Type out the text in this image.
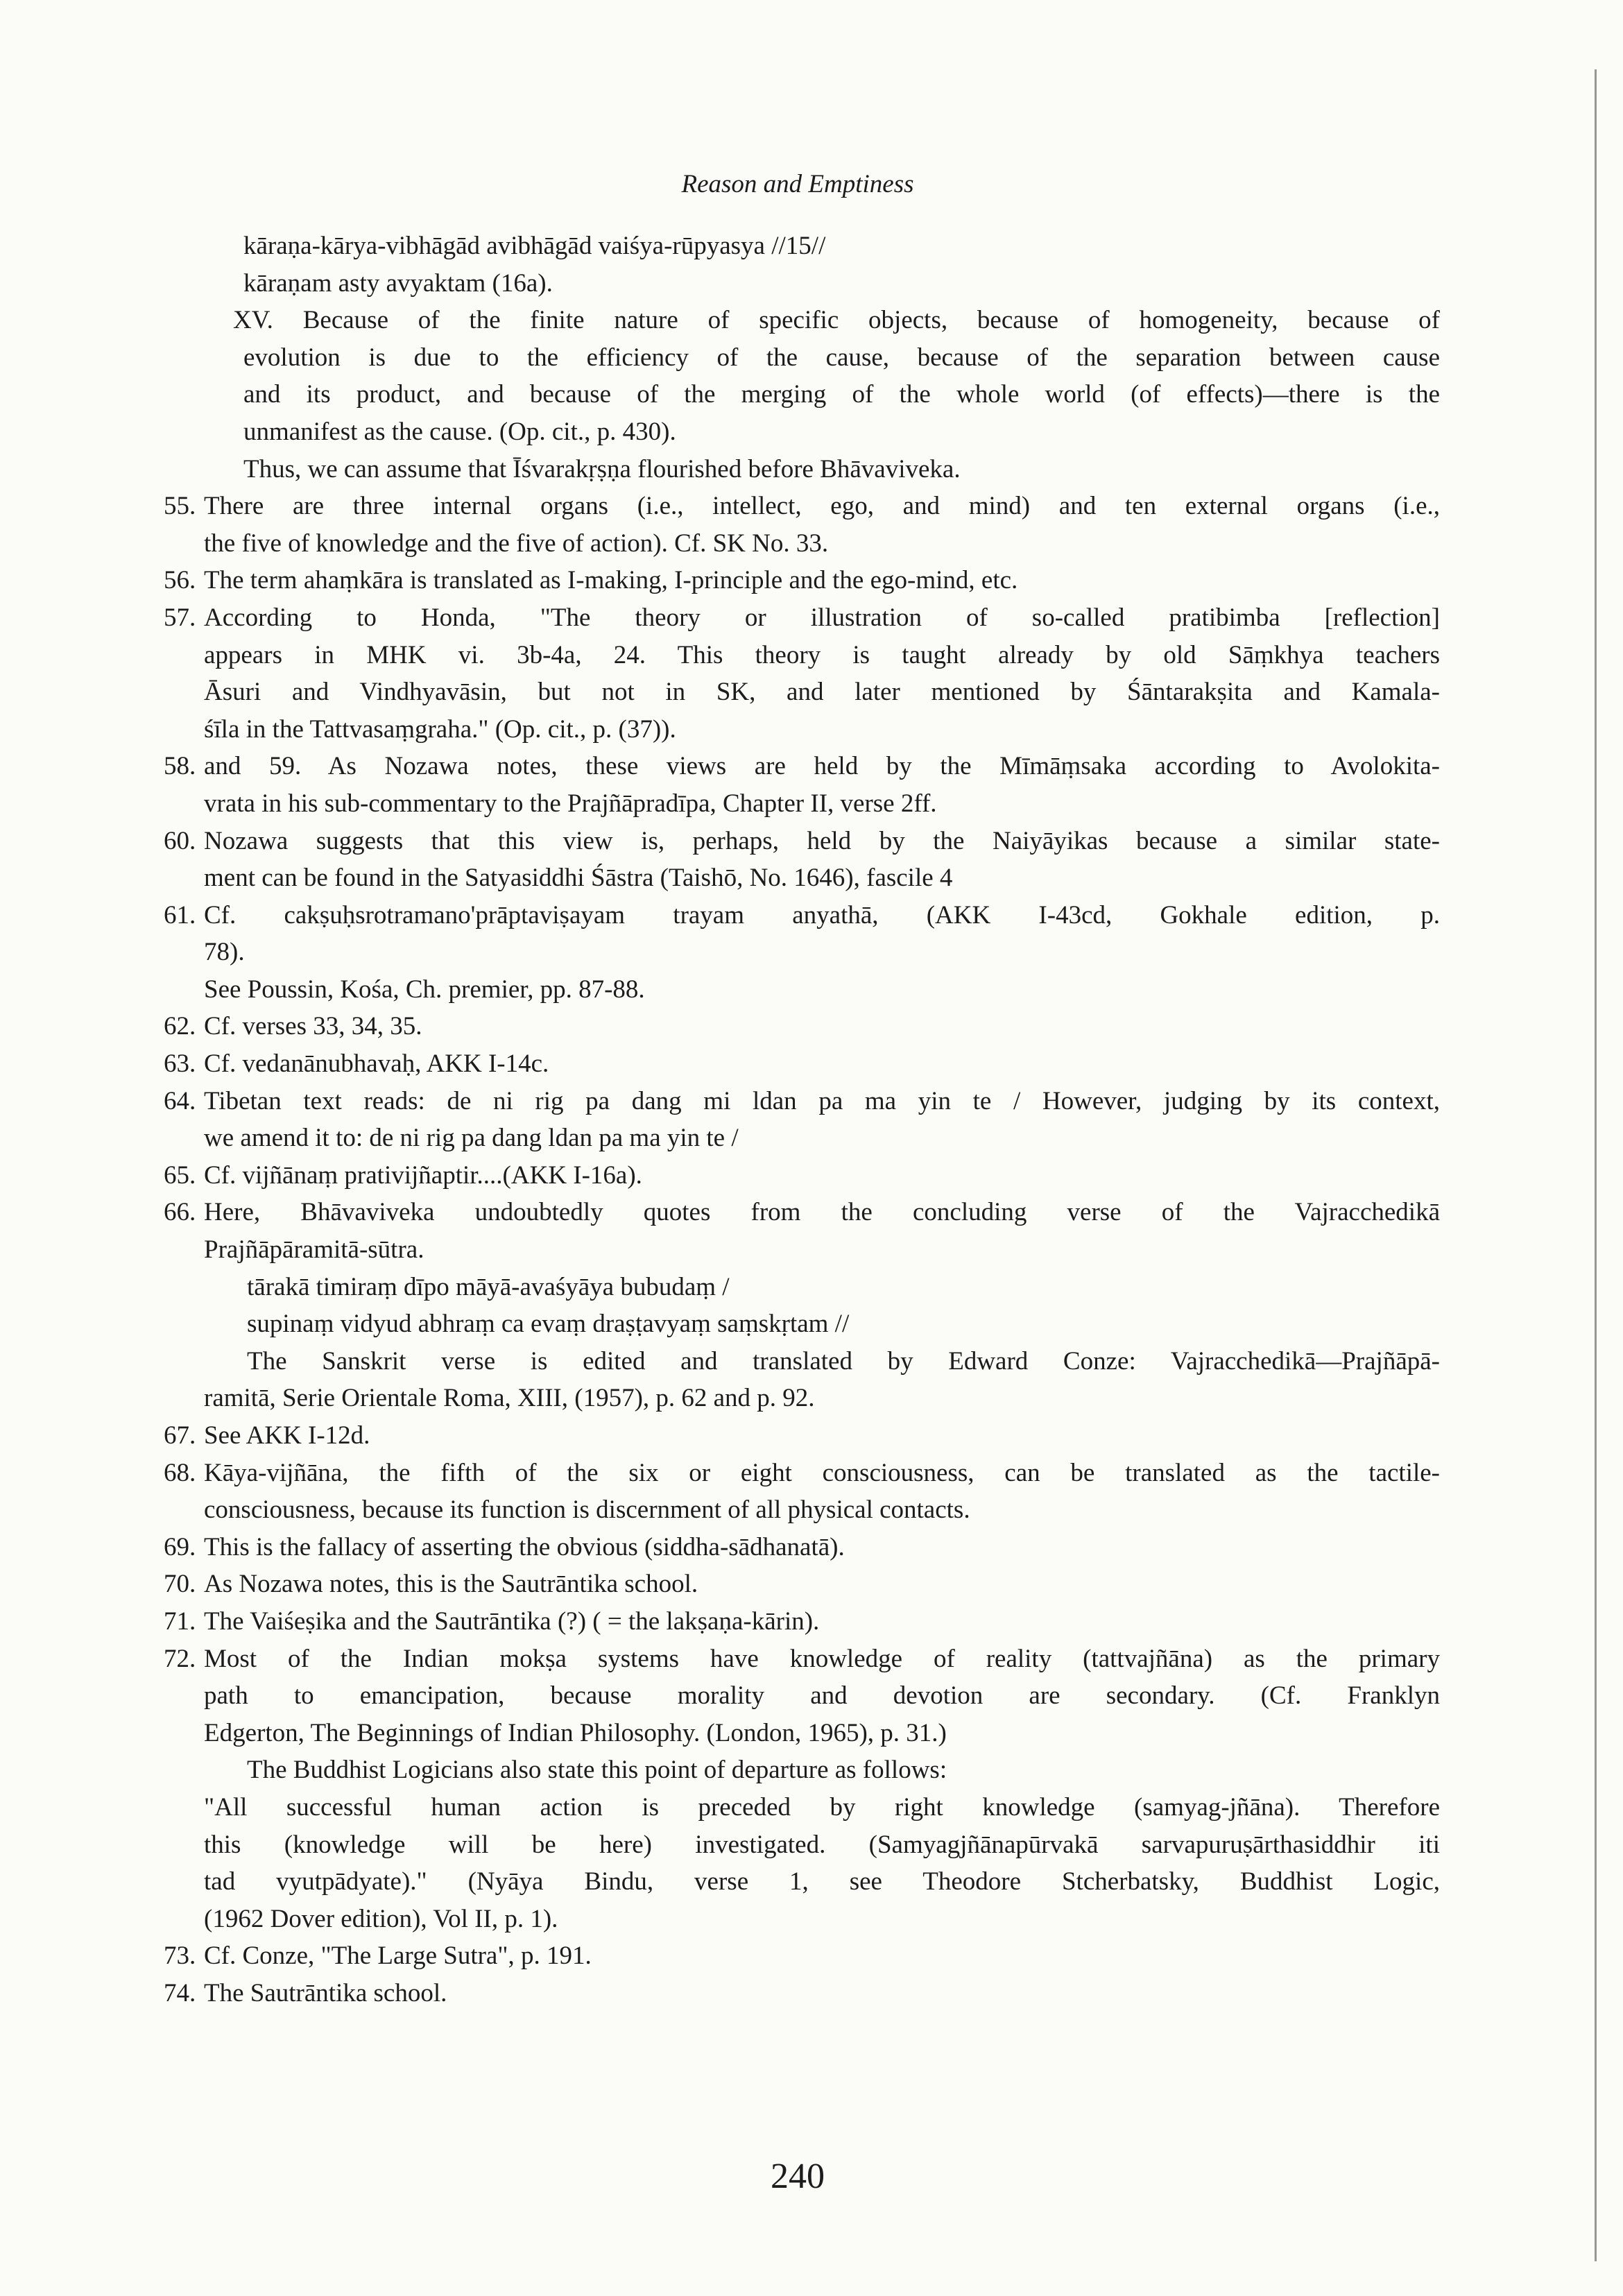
Reason and Emptiness
kāraṇa-kārya-vibhāgād avibhāgād vaiśya-rūpyasya //15//
kāraṇam asty avyaktam (16a).
XV. Because of the finite nature of specific objects, because of homogeneity, because of
evolution is due to the efficiency of the cause, because of the separation between cause
and its product, and because of the merging of the whole world (of effects)—there is the
unmanifest as the cause. (Op. cit., p. 430).
Thus, we can assume that Īśvarakṛṣṇa flourished before Bhāvaviveka.
55. There are three internal organs (i.e., intellect, ego, and mind) and ten external organs (i.e.,
the five of knowledge and the five of action). Cf. SK No. 33.
56. The term ahaṃkāra is translated as I-making, I-principle and the ego-mind, etc.
57. According to Honda, "The theory or illustration of so-called pratibimba [reflection]
appears in MHK vi. 3b-4a, 24. This theory is taught already by old Sāṃkhya teachers
Āsuri and Vindhyavāsin, but not in SK, and later mentioned by Śāntarakṣita and Kamala-
śīla in the Tattvasaṃgraha." (Op. cit., p. (37)).
58. and 59. As Nozawa notes, these views are held by the Mīmāṃsaka according to Avolokita-
vrata in his sub-commentary to the Prajñāpradīpa, Chapter II, verse 2ff.
60. Nozawa suggests that this view is, perhaps, held by the Naiyāyikas because a similar state-
ment can be found in the Satyasiddhi Śāstra (Taishō, No. 1646), fascile 4
61. Cf. cakṣuḥsrotramano'prāptaviṣayam trayam anyathā, (AKK I-43cd, Gokhale edition, p.
78).
See Poussin, Kośa, Ch. premier, pp. 87-88.
62. Cf. verses 33, 34, 35.
63. Cf. vedanānubhavaḥ, AKK I-14c.
64. Tibetan text reads: de ni rig pa dang mi ldan pa ma yin te / However, judging by its context,
we amend it to: de ni rig pa dang ldan pa ma yin te /
65. Cf. vijñānaṃ prativijñaptir....(AKK I-16a).
66. Here, Bhāvaviveka undoubtedly quotes from the concluding verse of the Vajracchedikā
Prajñāpāramitā-sūtra.
tārakā timiraṃ dīpo māyā-avaśyāya bubudaṃ /
supinaṃ vidyud abhraṃ ca evaṃ draṣṭavyaṃ saṃskṛtam //
The Sanskrit verse is edited and translated by Edward Conze: Vajracchedikā—Prajñāpā-
ramitā, Serie Orientale Roma, XIII, (1957), p. 62 and p. 92.
67. See AKK I-12d.
68. Kāya-vijñāna, the fifth of the six or eight consciousness, can be translated as the tactile-
consciousness, because its function is discernment of all physical contacts.
69. This is the fallacy of asserting the obvious (siddha-sādhanatā).
70. As Nozawa notes, this is the Sautrāntika school.
71. The Vaiśeṣika and the Sautrāntika (?) ( = the lakṣaṇa-kārin).
72. Most of the Indian mokṣa systems have knowledge of reality (tattvajñāna) as the primary
path to emancipation, because morality and devotion are secondary. (Cf. Franklyn
Edgerton, The Beginnings of Indian Philosophy. (London, 1965), p. 31.)
The Buddhist Logicians also state this point of departure as follows:
"All successful human action is preceded by right knowledge (samyag-jñāna). Therefore
this (knowledge will be here) investigated. (Samyagjñānapūrvakā sarvapuruṣārthasiddhir iti
tad vyutpādyate)." (Nyāya Bindu, verse 1, see Theodore Stcherbatsky, Buddhist Logic,
(1962 Dover edition), Vol II, p. 1).
73. Cf. Conze, "The Large Sutra", p. 191.
74. The Sautrāntika school.
240
